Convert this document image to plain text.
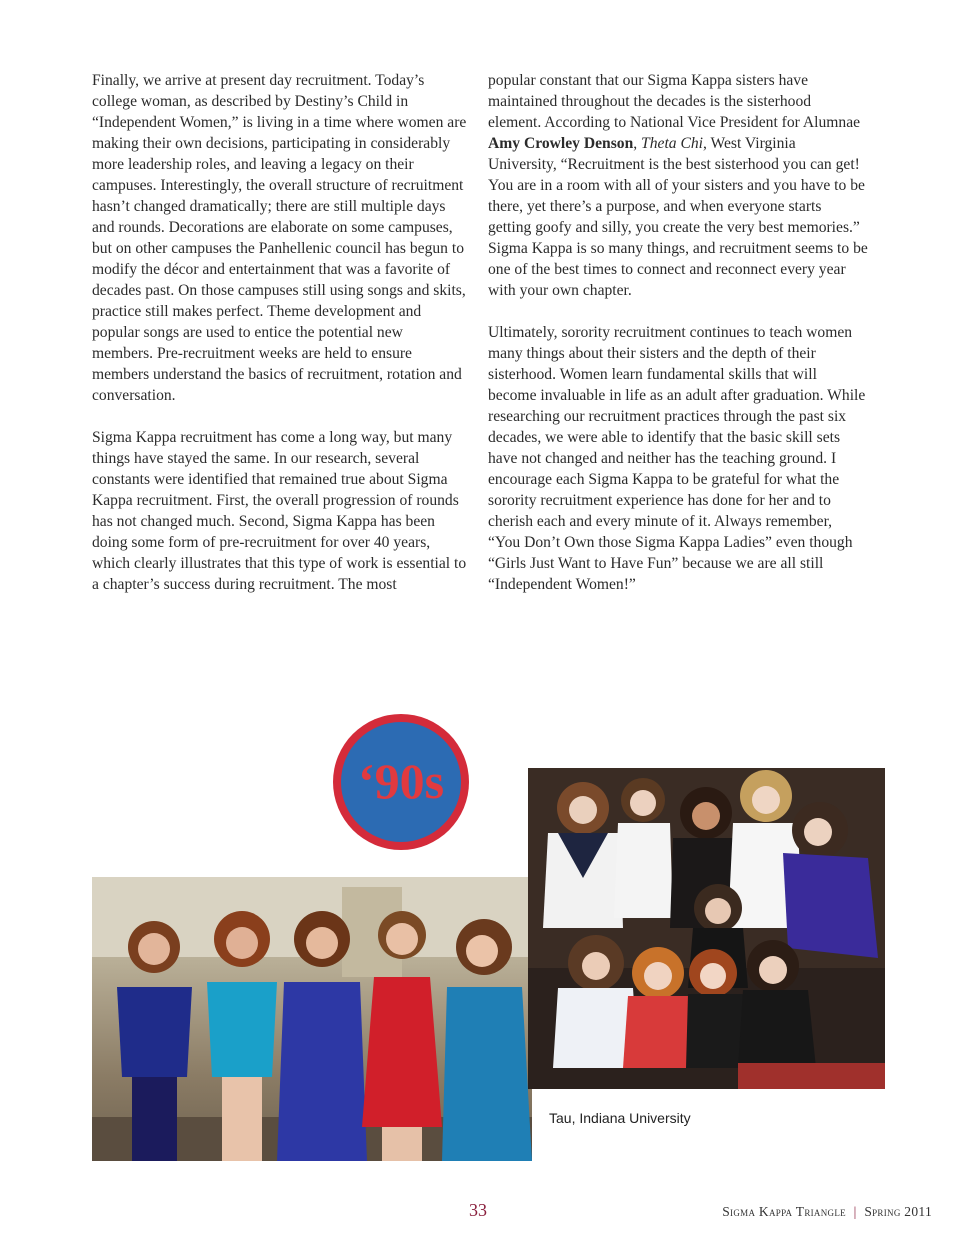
Finally, we arrive at present day recruitment. Today’s college woman, as described by Destiny’s Child in “Independent Women,” is living in a time where women are making their own decisions, participating in considerably more leadership roles, and leaving a legacy on their campuses. Interestingly, the overall structure of recruitment hasn’t changed dramatically; there are still multiple days and rounds. Decorations are elaborate on some campuses, but on other campuses the Panhellenic council has begun to modify the décor and entertainment that was a favorite of decades past. On those campuses still using songs and skits, practice still makes perfect. Theme development and popular songs are used to entice the potential new members. Pre-recruitment weeks are held to ensure members understand the basics of recruitment, rotation and conversation.

Sigma Kappa recruitment has come a long way, but many things have stayed the same. In our research, several constants were identified that remained true about Sigma Kappa recruitment. First, the overall progression of rounds has not changed much. Second, Sigma Kappa has been doing some form of pre-recruitment for over 40 years, which clearly illustrates that this type of work is essential to a chapter’s success during recruitment. The most

popular constant that our Sigma Kappa sisters have maintained throughout the decades is the sisterhood element. According to National Vice President for Alumnae Amy Crowley Denson, Theta Chi, West Virginia University, “Recruitment is the best sisterhood you can get! You are in a room with all of your sisters and you have to be there, yet there’s a purpose, and when everyone starts getting goofy and silly, you create the very best memories.” Sigma Kappa is so many things, and recruitment seems to be one of the best times to connect and reconnect every year with your own chapter.

Ultimately, sorority recruitment continues to teach women many things about their sisters and the depth of their sisterhood. Women learn fundamental skills that will become invaluable in life as an adult after graduation. While researching our recruitment practices through the past six decades, we were able to identify that the basic skill sets have not changed and neither has the teaching ground. I encourage each Sigma Kappa to be grateful for what the sorority recruitment experience has done for her and to cherish each and every minute of it. Always remember, “You Don’t Own those Sigma Kappa Ladies” even though “Girls Just Want to Have Fun” because we are all still “Independent Women!”

‘90s
Tau, Indiana University
33	Sigma Kappa Triangle | Spring 2011
